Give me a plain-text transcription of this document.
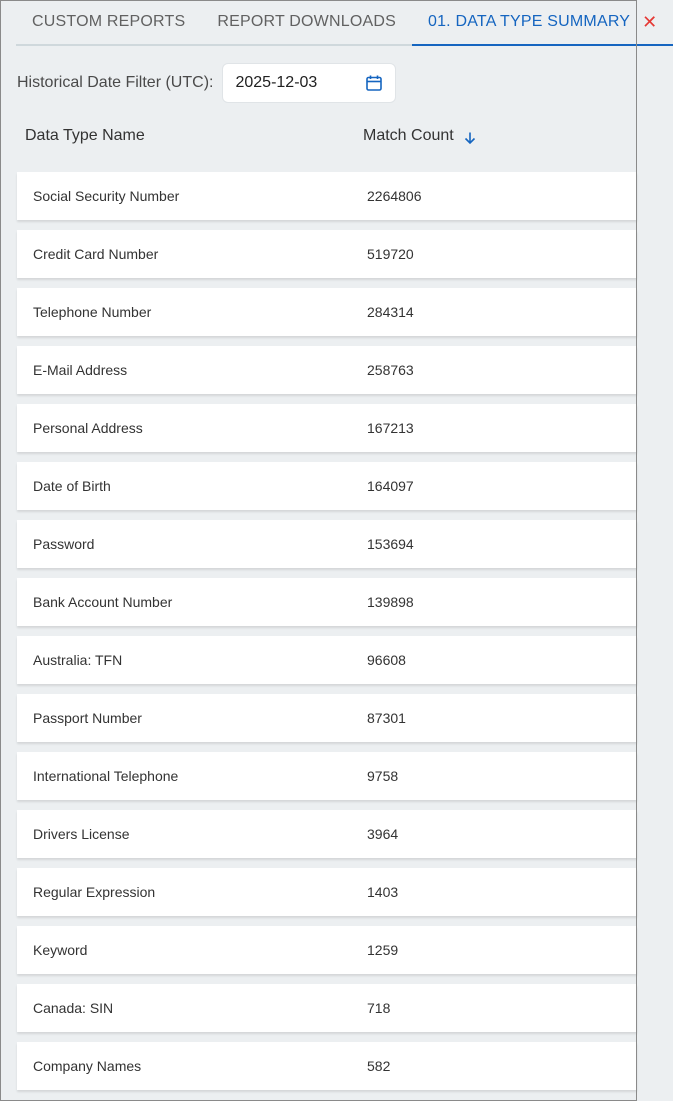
CUSTOM REPORTS REPORT DOWNLOADS 01. DATA TYPE SUMMARY ✕
Historical Date Filter (UTC): 2025-12-03
Data Type Name	Match Count
Social Security Number	2264806
Credit Card Number	519720
Telephone Number	284314
E-Mail Address	258763
Personal Address	167213
Date of Birth	164097
Password	153694
Bank Account Number	139898
Australia: TFN	96608
Passport Number	87301
International Telephone	9758
Drivers License	3964
Regular Expression	1403
Keyword	1259
Canada: SIN	718
Company Names	582
